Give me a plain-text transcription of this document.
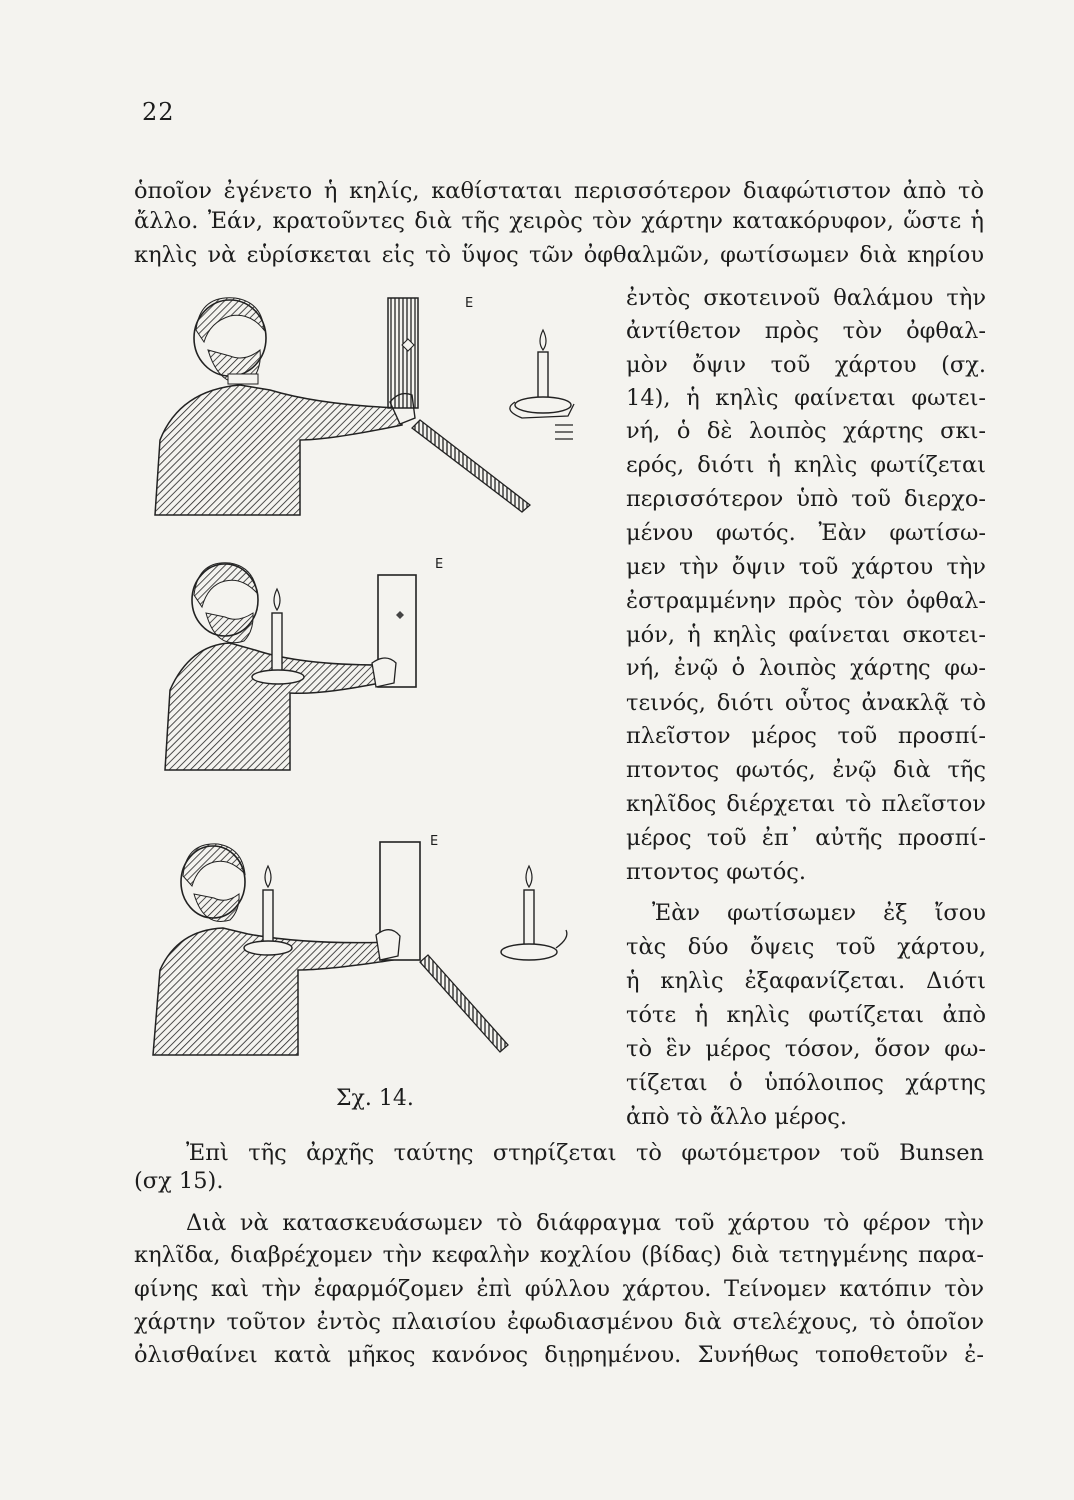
22
ὁποῖον ἐγένετο ἡ κηλίς, καθίσταται περισσότερον διαφώτιστον ἀπὸ τὸ
ἄλλο. Ἐάν, κρατοῦντες διὰ τῆς χειρὸς τὸν χάρτην κατακόρυφον, ὥστε ἡ
κηλὶς νὰ εὑρίσκεται εἰς τὸ ὕψος τῶν ὀφθαλμῶν, φωτίσωμεν διὰ κηρίου
ἐντὸς σκοτεινοῦ θαλάμου τὴν
ἀντίθετον πρὸς τὸν ὀφθαλ-
μὸν ὄψιν τοῦ χάρτου (σχ.
14), ἡ κηλὶς φαίνεται φωτει-
νή, ὁ δὲ λοιπὸς χάρτης σκι-
ερός, διότι ἡ κηλὶς φωτίζεται
περισσότερον ὑπὸ τοῦ διερχο-
μένου φωτός. Ἐὰν φωτίσω-
μεν τὴν ὄψιν τοῦ χάρτου τὴν
ἐστραμμένην πρὸς τὸν ὀφθαλ-
μόν, ἡ κηλὶς φαίνεται σκοτει-
νή, ἐνῷ ὁ λοιπὸς χάρτης φω-
τεινός, διότι οὗτος ἀνακλᾷ τὸ
πλεῖστον μέρος τοῦ προσπί-
πτοντος φωτός, ἐνῷ διὰ τῆς
κηλῖδος διέρχεται τὸ πλεῖστον
μέρος τοῦ ἐπ᾽ αὐτῆς προσπί-
πτοντος φωτός.
Ἐὰν φωτίσωμεν ἐξ ἴσου
τὰς δύο ὄψεις τοῦ χάρτου,
ἡ κηλὶς ἐξαφανίζεται. Διότι
τότε ἡ κηλὶς φωτίζεται ἀπὸ
τὸ ἓν μέρος τόσον, ὅσον φω-
τίζεται ὁ ὑπόλοιπος χάρτης
ἀπὸ τὸ ἄλλο μέρος.
Ἐπὶ τῆς ἀρχῆς ταύτης στηρίζεται τὸ φωτόμετρον τοῦ Bunsen
(σχ 15).
Διὰ νὰ κατασκευάσωμεν τὸ διάφραγμα τοῦ χάρτου τὸ φέρον τὴν
κηλῖδα, διαβρέχομεν τὴν κεφαλὴν κοχλίου (βίδας) διὰ τετηγμένης παρα-
φίνης καὶ τὴν ἐφαρμόζομεν ἐπὶ φύλλου χάρτου. Τείνομεν κατόπιν τὸν
χάρτην τοῦτον ἐντὸς πλαισίου ἐφωδιασμένου διὰ στελέχους, τὸ ὁποῖον
ὀλισθαίνει κατὰ μῆκος κανόνος διῃρημένου. Συνήθως τοποθετοῦν ἐ-
Ε
Ε
Ε
Σχ. 14.
